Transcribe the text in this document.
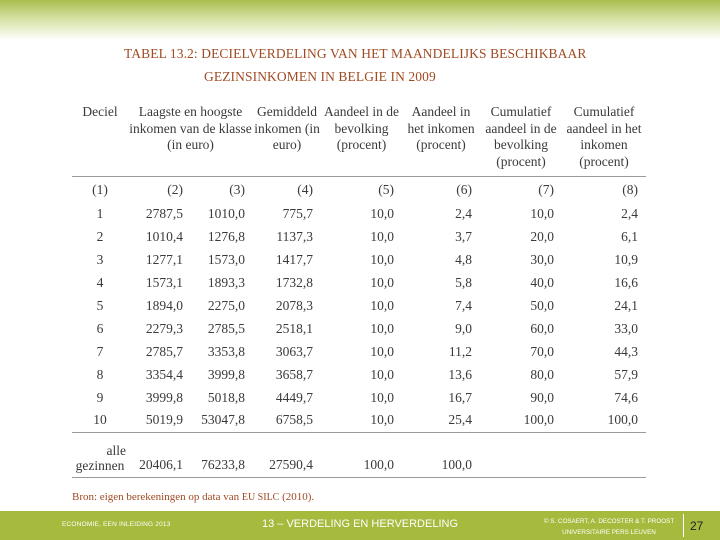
TABEL 13.2: DECIELVERDELING VAN HET MAANDELIJKS BESCHIKBAAR
GEZINSINKOMEN IN BELGIE IN 2009
Deciel	Laagste en hoogste inkomen van de klasse (in euro)		Gemiddeld inkomen (in euro)	Aandeel in de bevolking (procent)	Aandeel in het inkomen (procent)	Cumulatief aandeel in de bevolking (procent)	Cumulatief aandeel in het inkomen (procent)
(1)	(2)	(3)	(4)	(5)	(6)	(7)	(8)
1	2787,5	1010,0	775,7	10,0	2,4	10,0	2,4
2	1010,4	1276,8	1137,3	10,0	3,7	20,0	6,1
3	1277,1	1573,0	1417,7	10,0	4,8	30,0	10,9
4	1573,1	1893,3	1732,8	10,0	5,8	40,0	16,6
5	1894,0	2275,0	2078,3	10,0	7,4	50,0	24,1
6	2279,3	2785,5	2518,1	10,0	9,0	60,0	33,0
7	2785,7	3353,8	3063,7	10,0	11,2	70,0	44,3
8	3354,4	3999,8	3658,7	10,0	13,6	80,0	57,9
9	3999,8	5018,8	4449,7	10,0	16,7	90,0	74,6
10	5019,9	53047,8	6758,5	10,0	25,4	100,0	100,0

alle
gezinnen	20406,1	76233,8	27590,4	100,0	100,0		
Bron: eigen berekeningen op data van EU SILC (2010).
ECONOMIE, EEN INLEIDING 2013	13 – VERDELING EN HERVERDELING	© S. COSAERT, A. DECOSTER & T. PROOST
UNIVERSITAIRE PERS LEUVEN	27
